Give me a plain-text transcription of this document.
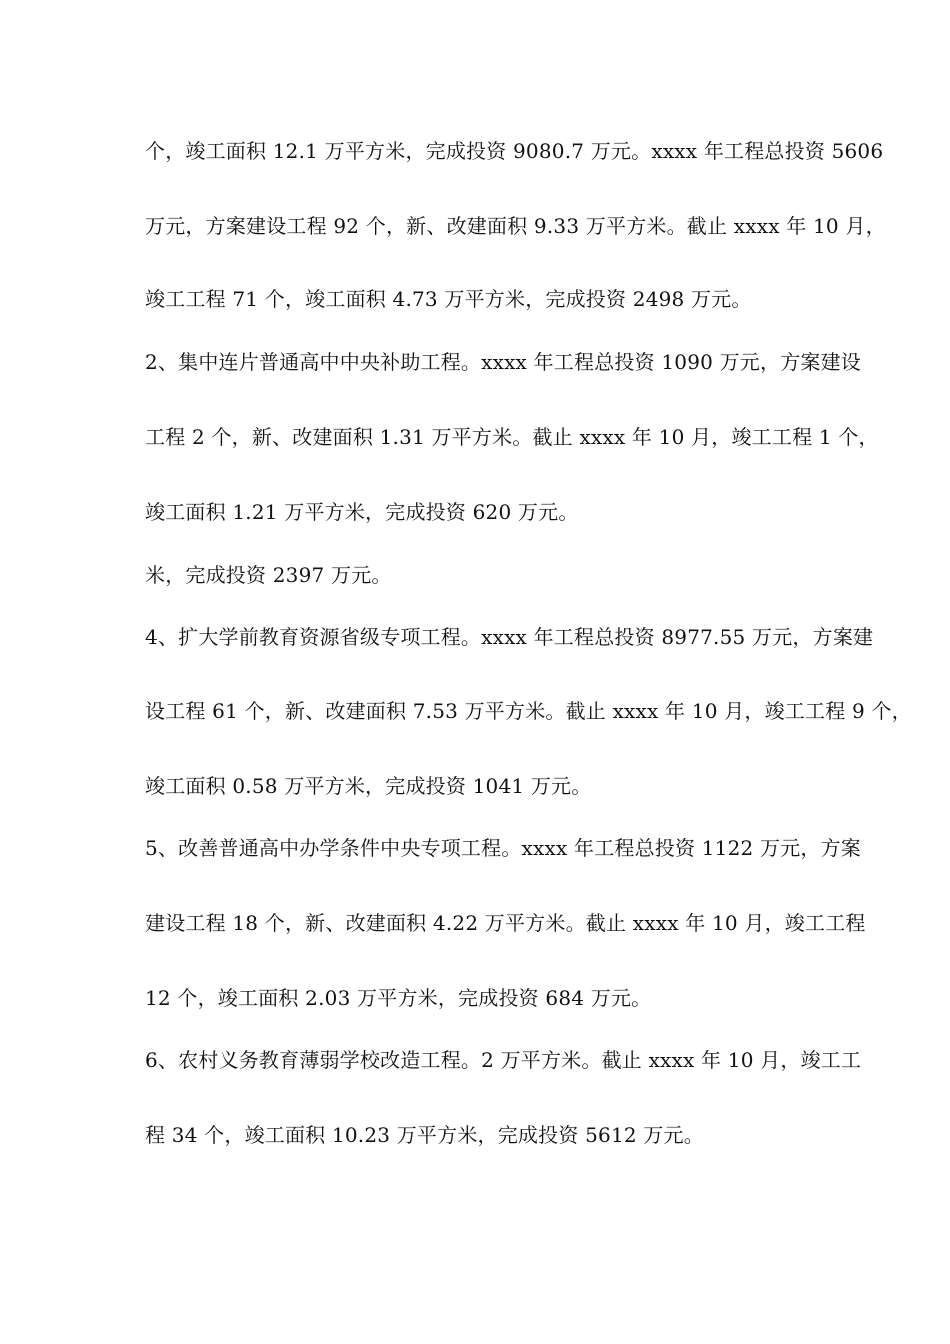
个，竣工面积 12.1 万平方米，完成投资 9080.7 万元。xxxx 年工程总投资 5606
万元，方案建设工程 92 个，新、改建面积 9.33 万平方米。截止 xxxx 年 10 月，
竣工工程 71 个，竣工面积 4.73 万平方米，完成投资 2498 万元。
2、集中连片普通高中中央补助工程。xxxx 年工程总投资 1090 万元，方案建设
工程 2 个，新、改建面积 1.31 万平方米。截止 xxxx 年 10 月，竣工工程 1 个，
竣工面积 1.21 万平方米，完成投资 620 万元。
米，完成投资 2397 万元。
4、扩大学前教育资源省级专项工程。xxxx 年工程总投资 8977.55 万元，方案建
设工程 61 个，新、改建面积 7.53 万平方米。截止 xxxx 年 10 月，竣工工程 9 个，
竣工面积 0.58 万平方米，完成投资 1041 万元。
5、改善普通高中办学条件中央专项工程。xxxx 年工程总投资 1122 万元，方案
建设工程 18 个，新、改建面积 4.22 万平方米。截止 xxxx 年 10 月，竣工工程
12 个，竣工面积 2.03 万平方米，完成投资 684 万元。
6、农村义务教育薄弱学校改造工程。2 万平方米。截止 xxxx 年 10 月，竣工工
程 34 个，竣工面积 10.23 万平方米，完成投资 5612 万元。
